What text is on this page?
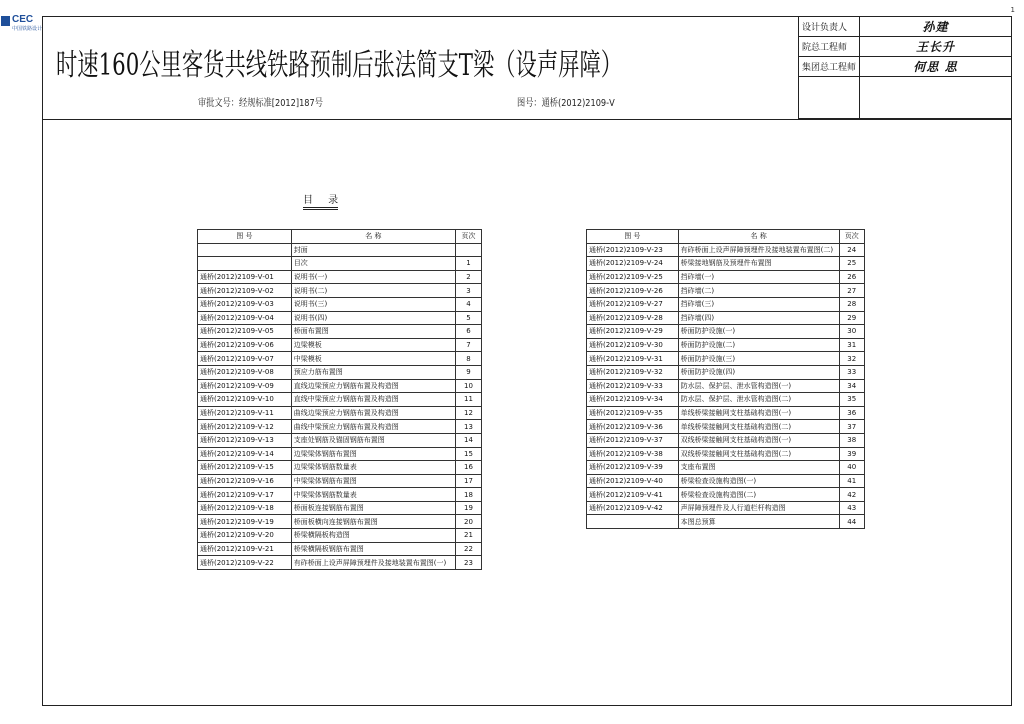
CEC
中国铁路设计
1
时速160公里客货共线铁路预制后张法简支T梁（设声屏障）
审批文号：经规标准[2012]187号	图号：通桥(2012)2109-V
设计负责人	孙建
院总工程师	王长升
集团总工程师	何思 思

目 录
图 号	名 称	页次
	封面	
	目次	1
通桥(2012)2109-Ⅴ-01	说明书(一)	2
通桥(2012)2109-Ⅴ-02	说明书(二)	3
通桥(2012)2109-Ⅴ-03	说明书(三)	4
通桥(2012)2109-Ⅴ-04	说明书(四)	5
通桥(2012)2109-Ⅴ-05	桥面布置图	6
通桥(2012)2109-Ⅴ-06	边梁模板	7
通桥(2012)2109-Ⅴ-07	中梁模板	8
通桥(2012)2109-Ⅴ-08	预应力筋布置图	9
通桥(2012)2109-Ⅴ-09	直线边梁预应力钢筋布置及构造图	10
通桥(2012)2109-Ⅴ-10	直线中梁预应力钢筋布置及构造图	11
通桥(2012)2109-Ⅴ-11	曲线边梁预应力钢筋布置及构造图	12
通桥(2012)2109-Ⅴ-12	曲线中梁预应力钢筋布置及构造图	13
通桥(2012)2109-Ⅴ-13	支座处钢筋及锚固钢筋布置图	14
通桥(2012)2109-Ⅴ-14	边梁梁体钢筋布置图	15
通桥(2012)2109-Ⅴ-15	边梁梁体钢筋数量表	16
通桥(2012)2109-Ⅴ-16	中梁梁体钢筋布置图	17
通桥(2012)2109-Ⅴ-17	中梁梁体钢筋数量表	18
通桥(2012)2109-Ⅴ-18	桥面板连接钢筋布置图	19
通桥(2012)2109-Ⅴ-19	桥面板横向连接钢筋布置图	20
通桥(2012)2109-Ⅴ-20	桥梁横隔板构造图	21
通桥(2012)2109-Ⅴ-21	桥梁横隔板钢筋布置图	22
通桥(2012)2109-Ⅴ-22	有砟桥面上设声屏障预埋件及接地装置布置图(一)	23
图 号	名 称	页次
通桥(2012)2109-Ⅴ-23	有砟桥面上设声屏障预埋件及接地装置布置图(二)	24
通桥(2012)2109-Ⅴ-24	桥梁接地钢筋及预埋件布置图	25
通桥(2012)2109-Ⅴ-25	挡砟墙(一)	26
通桥(2012)2109-Ⅴ-26	挡砟墙(二)	27
通桥(2012)2109-Ⅴ-27	挡砟墙(三)	28
通桥(2012)2109-Ⅴ-28	挡砟墙(四)	29
通桥(2012)2109-Ⅴ-29	桥面防护设施(一)	30
通桥(2012)2109-Ⅴ-30	桥面防护设施(二)	31
通桥(2012)2109-Ⅴ-31	桥面防护设施(三)	32
通桥(2012)2109-Ⅴ-32	桥面防护设施(四)	33
通桥(2012)2109-Ⅴ-33	防水层、保护层、泄水管构造图(一)	34
通桥(2012)2109-Ⅴ-34	防水层、保护层、泄水管构造图(二)	35
通桥(2012)2109-Ⅴ-35	单线桥梁接触网支柱基础构造图(一)	36
通桥(2012)2109-Ⅴ-36	单线桥梁接触网支柱基础构造图(二)	37
通桥(2012)2109-Ⅴ-37	双线桥梁接触网支柱基础构造图(一)	38
通桥(2012)2109-Ⅴ-38	双线桥梁接触网支柱基础构造图(二)	39
通桥(2012)2109-Ⅴ-39	支座布置图	40
通桥(2012)2109-Ⅴ-40	桥梁检查设施构造图(一)	41
通桥(2012)2109-Ⅴ-41	桥梁检查设施构造图(二)	42
通桥(2012)2109-Ⅴ-42	声屏障预埋件及人行道栏杆构造图	43
	本图总预算	44
